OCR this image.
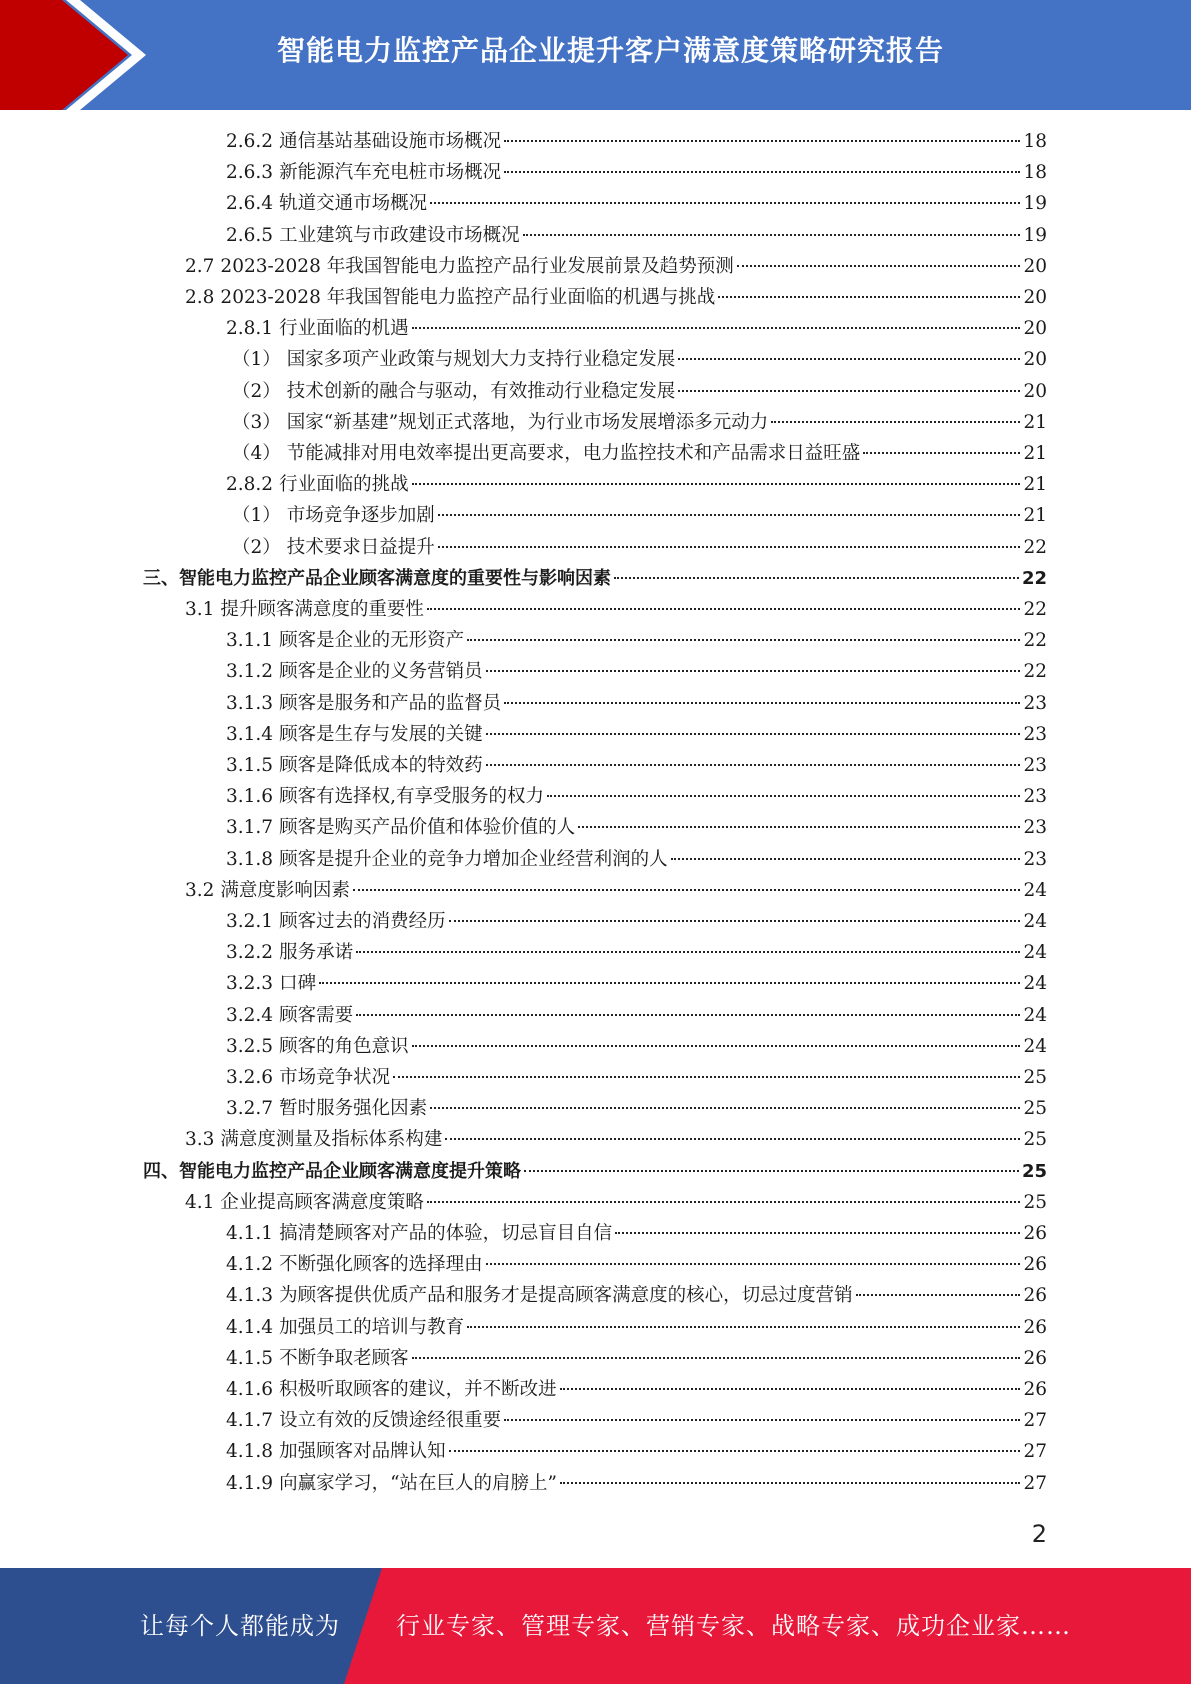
智能电力监控产品企业提升客户满意度策略研究报告
2.6.2 通信基站基础设施市场概况	18
2.6.3 新能源汽车充电桩市场概况	18
2.6.4 轨道交通市场概况	19
2.6.5 工业建筑与市政建设市场概况	19
2.7 2023-2028 年我国智能电力监控产品行业发展前景及趋势预测	20
2.8 2023-2028 年我国智能电力监控产品行业面临的机遇与挑战	20
2.8.1 行业面临的机遇	20
（1） 国家多项产业政策与规划大力支持行业稳定发展	20
（2） 技术创新的融合与驱动，有效推动行业稳定发展	20
（3） 国家“新基建”规划正式落地，为行业市场发展增添多元动力	21
（4） 节能减排对用电效率提出更高要求，电力监控技术和产品需求日益旺盛	21
2.8.2 行业面临的挑战	21
（1） 市场竞争逐步加剧	21
（2） 技术要求日益提升	22
三、 智能电力监控产品企业顾客满意度的重要性与影响因素	22
3.1 提升顾客满意度的重要性	22
3.1.1 顾客是企业的无形资产	22
3.1.2 顾客是企业的义务营销员	22
3.1.3 顾客是服务和产品的监督员	23
3.1.4 顾客是生存与发展的关键	23
3.1.5 顾客是降低成本的特效药	23
3.1.6 顾客有选择权,有享受服务的权力	23
3.1.7 顾客是购买产品价值和体验价值的人	23
3.1.8 顾客是提升企业的竞争力增加企业经营利润的人	23
3.2 满意度影响因素	24
3.2.1 顾客过去的消费经历	24
3.2.2 服务承诺	24
3.2.3 口碑	24
3.2.4 顾客需要	24
3.2.5 顾客的角色意识	24
3.2.6 市场竞争状况	25
3.2.7 暂时服务强化因素	25
3.3 满意度测量及指标体系构建	25
四、 智能电力监控产品企业顾客满意度提升策略	25
4.1 企业提高顾客满意度策略	25
4.1.1 搞清楚顾客对产品的体验，切忌盲目自信	26
4.1.2 不断强化顾客的选择理由	26
4.1.3 为顾客提供优质产品和服务才是提高顾客满意度的核心，切忌过度营销	26
4.1.4 加强员工的培训与教育	26
4.1.5 不断争取老顾客	26
4.1.6 积极听取顾客的建议，并不断改进	26
4.1.7 设立有效的反馈途经很重要	27
4.1.8 加强顾客对品牌认知	27
4.1.9 向赢家学习，“站在巨人的肩膀上”	27
2
让每个人都能成为 行业专家、管理专家、营销专家、战略专家、成功企业家……
